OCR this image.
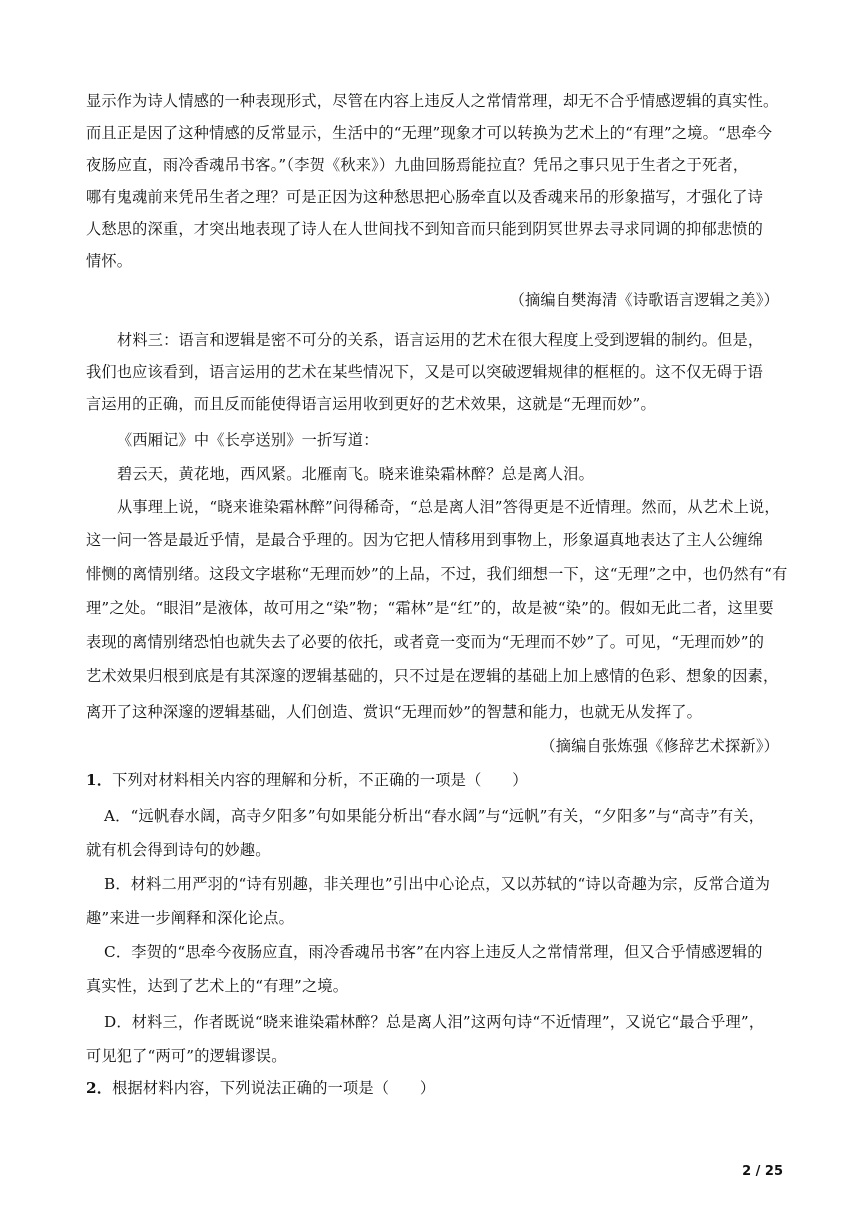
显示作为诗人情感的一种表现形式，尽管在内容上违反人之常情常理，却无不合乎情感逻辑的真实性。
而且正是因了这种情感的反常显示，生活中的“无理”现象才可以转换为艺术上的“有理”之境。“思牵今
夜肠应直，雨冷香魂吊书客。”（李贺《秋来》）九曲回肠焉能拉直？凭吊之事只见于生者之于死者，
哪有鬼魂前来凭吊生者之理？可是正因为这种愁思把心肠牵直以及香魂来吊的形象描写，才强化了诗
人愁思的深重，才突出地表现了诗人在人世间找不到知音而只能到阴冥世界去寻求同调的抑郁悲愤的
情怀。
（摘编自樊海清《诗歌语言逻辑之美》）
材料三：语言和逻辑是密不可分的关系，语言运用的艺术在很大程度上受到逻辑的制约。但是，
我们也应该看到，语言运用的艺术在某些情况下，又是可以突破逻辑规律的框框的。这不仅无碍于语
言运用的正确，而且反而能使得语言运用收到更好的艺术效果，这就是“无理而妙”。
《西厢记》中《长亭送别》一折写道：
碧云天，黄花地，西风紧。北雁南飞。晓来谁染霜林醉？总是离人泪。
从事理上说，“晓来谁染霜林醉”问得稀奇，“总是离人泪”答得更是不近情理。然而，从艺术上说，
这一问一答是最近乎情，是最合乎理的。因为它把人情移用到事物上，形象逼真地表达了主人公缠绵
悱恻的离情别绪。这段文字堪称“无理而妙”的上品，不过，我们细想一下，这“无理”之中，也仍然有“有
理”之处。“眼泪”是液体，故可用之“染”物；“霜林”是“红”的，故是被“染”的。假如无此二者，这里要
表现的离情别绪恐怕也就失去了必要的依托，或者竟一变而为“无理而不妙”了。可见，“无理而妙”的
艺术效果归根到底是有其深邃的逻辑基础的，只不过是在逻辑的基础上加上感情的色彩、想象的因素，
离开了这种深邃的逻辑基础，人们创造、赏识“无理而妙”的智慧和能力，也就无从发挥了。
（摘编自张炼强《修辞艺术探新》）
1．下列对材料相关内容的理解和分析，不正确的一项是（　　）
A．“远帆春水阔，高寺夕阳多”句如果能分析出“春水阔”与“远帆”有关，“夕阳多”与“高寺”有关，
就有机会得到诗句的妙趣。
B．材料二用严羽的“诗有别趣，非关理也”引出中心论点，又以苏轼的“诗以奇趣为宗，反常合道为
趣”来进一步阐释和深化论点。
C．李贺的“思牵今夜肠应直，雨冷香魂吊书客”在内容上违反人之常情常理，但又合乎情感逻辑的
真实性，达到了艺术上的“有理”之境。
D．材料三，作者既说“晓来谁染霜林醉？总是离人泪”这两句诗“不近情理”，又说它“最合乎理”，
可见犯了“两可”的逻辑谬误。
2．根据材料内容，下列说法正确的一项是（　　）
2 / 25
